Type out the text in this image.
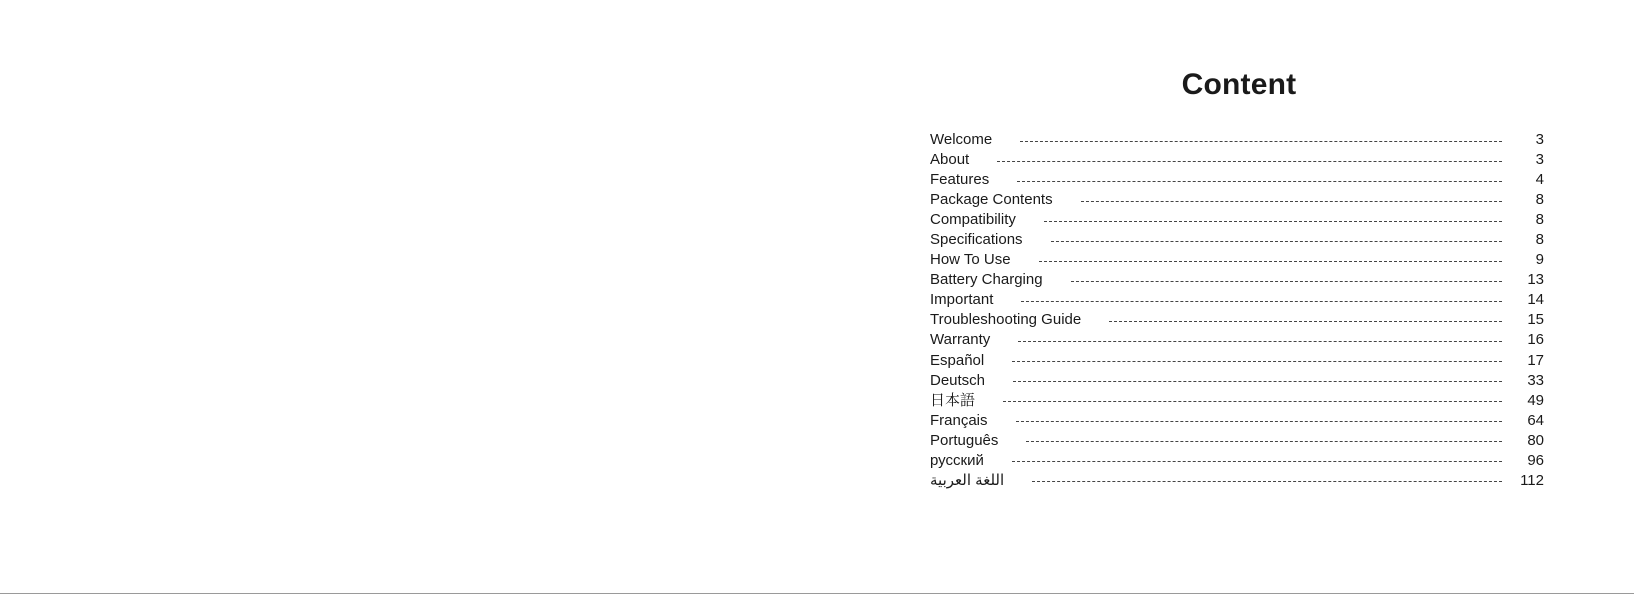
Content
Welcome	3
About	3
Features	4
Package Contents	8
Compatibility	8
Specifications	8
How To Use	9
Battery Charging	13
Important	14
Troubleshooting Guide	15
Warranty	16
Español	17
Deutsch	33
日本語	49
Français	64
Português	80
русский	96
اللغة العربية	112
